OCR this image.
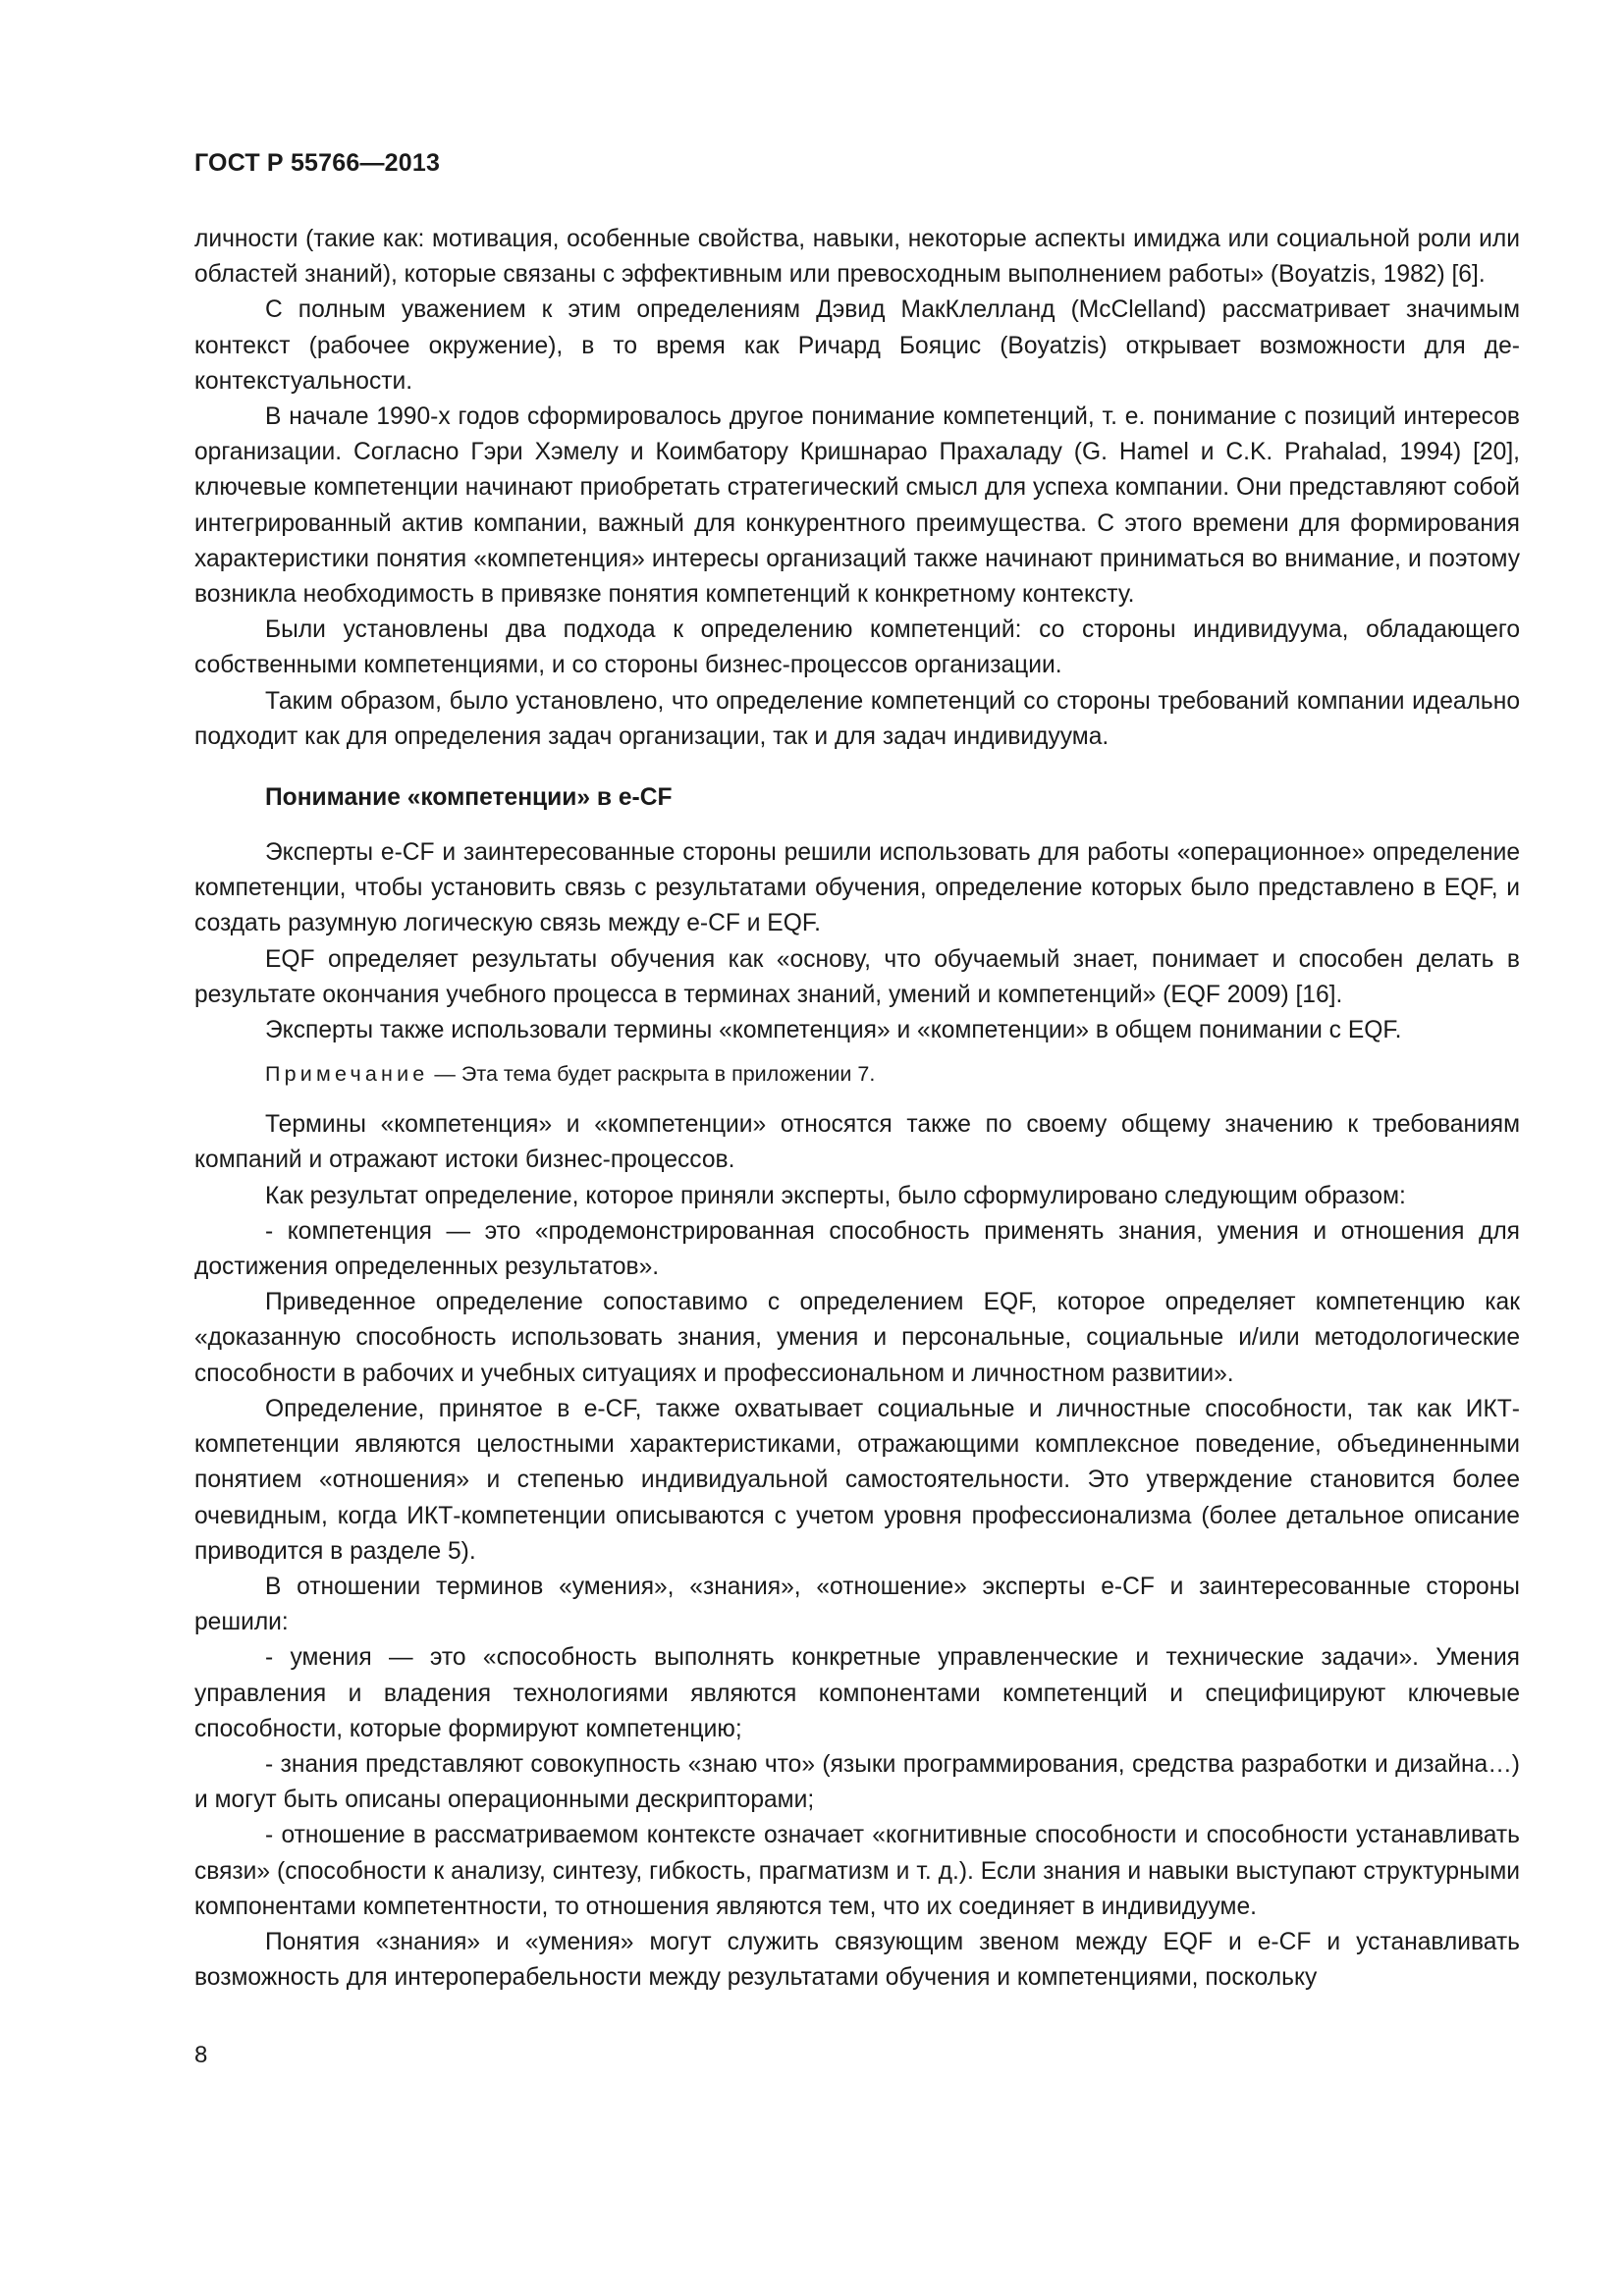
ГОСТ Р 55766—2013

личности (такие как: мотивация, особенные свойства, навыки, некоторые аспекты имиджа или социальной роли или областей знаний), которые связаны с эффективным или превосходным выполнением работы» (Boyatzis, 1982) [6].

С полным уважением к этим определениям Дэвид МакКлелланд (McClelland) рассматривает значимым контекст (рабочее окружение), в то время как Ричард Бояцис (Boyatzis) открывает возможности для де-контекстуальности.

В начале 1990-х годов сформировалось другое понимание компетенций, т. е. понимание с позиций интересов организации. Согласно Гэри Хэмелу и Коимбатору Кришнарао Прахаладу (G. Hamel и C.K. Prahalad, 1994) [20], ключевые компетенции начинают приобретать стратегический смысл для успеха компании. Они представляют собой интегрированный актив компании, важный для конкурентного преимущества. С этого времени для формирования характеристики понятия «компетенция» интересы организаций также начинают приниматься во внимание, и поэтому возникла необходимость в привязке понятия компетенций к конкретному контексту.

Были установлены два подхода к определению компетенций: со стороны индивидуума, обладающего собственными компетенциями, и со стороны бизнес-процессов организации.

Таким образом, было установлено, что определение компетенций со стороны требований компании идеально подходит как для определения задач организации, так и для задач индивидуума.

Понимание «компетенции» в e-CF

Эксперты e-CF и заинтересованные стороны решили использовать для работы «операционное» определение компетенции, чтобы установить связь с результатами обучения, определение которых было представлено в EQF, и создать разумную логическую связь между e-CF и EQF.

EQF определяет результаты обучения как «основу, что обучаемый знает, понимает и способен делать в результате окончания учебного процесса в терминах знаний, умений и компетенций» (EQF 2009) [16].

Эксперты также использовали термины «компетенция» и «компетенции» в общем понимании с EQF.

Примечание — Эта тема будет раскрыта в приложении 7.

Термины «компетенция» и «компетенции» относятся также по своему общему значению к требованиям компаний и отражают истоки бизнес-процессов.

Как результат определение, которое приняли эксперты, было сформулировано следующим образом:

- компетенция — это «продемонстрированная способность применять знания, умения и отношения для достижения определенных результатов».

Приведенное определение сопоставимо с определением EQF, которое определяет компетенцию как «доказанную способность использовать знания, умения и персональные, социальные и/или методологические способности в рабочих и учебных ситуациях и профессиональном и личностном развитии».

Определение, принятое в e-CF, также охватывает социальные и личностные способности, так как ИКТ-компетенции являются целостными характеристиками, отражающими комплексное поведение, объединенными понятием «отношения» и степенью индивидуальной самостоятельности. Это утверждение становится более очевидным, когда ИКТ-компетенции описываются с учетом уровня профессионализма (более детальное описание приводится в разделе 5).

В отношении терминов «умения», «знания», «отношение» эксперты e-CF и заинтересованные стороны решили:

- умения — это «способность выполнять конкретные управленческие и технические задачи». Умения управления и владения технологиями являются компонентами компетенций и специфицируют ключевые способности, которые формируют компетенцию;

- знания представляют совокупность «знаю что» (языки программирования, средства разработки и дизайна…) и могут быть описаны операционными дескрипторами;

- отношение в рассматриваемом контексте означает «когнитивные способности и способности устанавливать связи» (способности к анализу, синтезу, гибкость, прагматизм и т. д.). Если знания и навыки выступают структурными компонентами компетентности, то отношения являются тем, что их соединяет в индивидууме.

Понятия «знания» и «умения» могут служить связующим звеном между EQF и e-CF и устанавливать возможность для интероперабельности между результатами обучения и компетенциями, поскольку

8
